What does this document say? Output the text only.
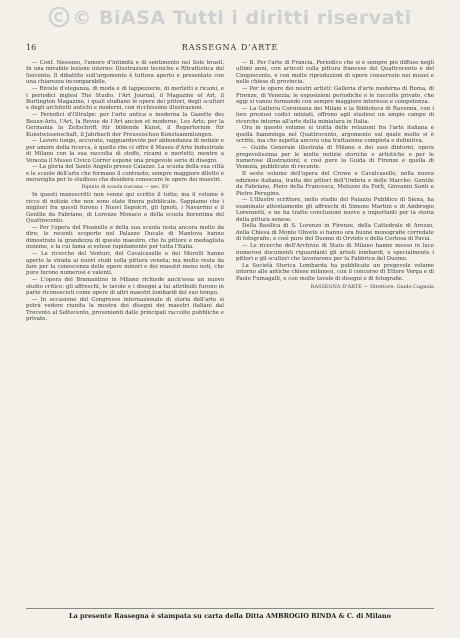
© BiASA Tutti i diritti riservati
16	RASSEGNA D'ARTE

— Conf. Nessuno, l'amore d'intimità e di sentimento nel Sole brasil. In una mirabile lezione intorno: Illustrazioni tecniche e Ritrattistica del Seicento. Il dibattito sull'argomento è tuttora aperto e presentato con una chiarezza incomparabile.

— Riviste d'eleganza, di moda e di tappezzerie, di merletti e ricami, e i periodici inglesi The Studio, l'Art Journal, il Magazine of Art, il Burlington Magazine, i quali studiano le opere dei pittori, degli scultori e degli architetti antichi e moderni, con ricchissime illustrazioni.

— Periodici d'Oltralpe: per l'arte antica e moderna la Gazette des Beaux-Arts, l'Art, la Revue de l'Art ancien et moderne, Les Arts; per la Germania la Zeitschrift für bildende Kunst, il Repertorium für Kunstwissenschaft, il Jahrbuch der Preussischen Kunstsammlungen.

— Lavoro lungo, accurato, ragguardevole per abbondanza di notizie e per amore della ricerca, è quello che ci offre il Museo d'Arte Industriale di Milano con la sua raccolta di stoffe, ricami e merletti; mentre a Venezia il Museo Civico Correr espone una pregevole serie di disegni.

— La gloria del Santo Angelo presso Caiazzo. La scuola della sua città e le scuole dell'arte che formano il contrasto; sempre maggiore diletto e meraviglia per lo studioso che desidera conoscere le opere dei maestri.

Dipinto di scuola toscana — sec. XV

In questi manoscritti non venne qui scritto il tutto; ma il volume è ricco di notizie che non sono state finora pubblicate. Sappiamo che i migliori fra questi furono i Nuovi Sepolcri, gli Ignoti, i Navarrini e il Gentile da Fabriano, di Lorenzo Monaco e della scuola fiorentina del Quattrocento.

— Per l'opera del Pisanello e della sua scuola resta ancora molto da dire; le recenti scoperte nel Palazzo Ducale di Mantova hanno dimostrato la grandezza di questo maestro, che fu pittore e medaglista insieme, e la cui fama si estese rapidamente per tutta l'Italia.

— Le ricerche del Venturi, del Cavalcaselle e del Morelli hanno aperto la strada ai nuovi studi sulla pittura veneta; ma molto resta da fare per la conoscenza delle opere minori e dei maestri meno noti, che pure furono numerosi e valenti.

— L'opera del Bramantino in Milano richiede anch'essa un nuovo studio critico: gli affreschi, le tavole e i disegni a lui attribuiti furono in parte riconosciuti come opere di altri maestri lombardi del suo tempo.

— In occasione del Congresso internazionale di storia dell'arte si potrà vedere riunita la mostra dei disegni dei maestri italiani dal Trecento al Settecento, provenienti dalle principali raccolte pubbliche e private.

— B. Per l'arte di Francia. Periodico che si è sempre più diffuso negli ultimi anni, con articoli sulla pittura francese del Quattrocento e del Cinquecento, e con molte riproduzioni di opere conservate nei musei e nelle chiese di provincia.

— Per le opere dei nostri artisti: Galleria d'arte moderna di Roma, di Firenze, di Venezia; le esposizioni periodiche e le raccolte private, che oggi si vanno formando con sempre maggiore interesse e competenza.

— La Galleria Corsiniana dei Milani e la Biblioteca di Ravenna, con i loro preziosi codici miniati, offrono agli studiosi un ampio campo di ricerche intorno all'arte della miniatura in Italia.

Ora in questo volume si tratta delle relazioni fra l'arte italiana e quella fiamminga nel Quattrocento, argomento sul quale molto si è scritto, ma che aspetta ancora una trattazione completa e definitiva.

— Guida Generale illustrata di Milano e dei suoi dintorni, opera pregevolissima per le molte notizie storiche e artistiche e per le numerose illustrazioni; e così pure la Guida di Firenze e quella di Venezia, pubblicate di recente.

Il sesto volume dell'opera del Crowe e Cavalcaselle, nella nuova edizione italiana, tratta dei pittori dell'Umbria e delle Marche: Gentile da Fabriano, Piero della Francesca, Melozzo da Forlì, Giovanni Santi e Pietro Perugino.

— L'illustre scrittore, nello studio del Palazzo Pubblico di Siena, ha esaminato attentamente gli affreschi di Simone Martini e di Ambrogio Lorenzetti, e ne ha tratto conclusioni nuove e importanti per la storia della pittura senese.

Della Basilica di S. Lorenzo in Firenze, della Cattedrale di Arezzo, della Chiesa di Monte Oliveto si hanno ora buone monografie corredate di fotografie; e così pure del Duomo di Orvieto e della Certosa di Pavia.

— Le ricerche dell'Archivio di Stato di Milano hanno messo in luce numerosi documenti riguardanti gli artisti lombardi, e specialmente i pittori e gli scultori che lavorarono per la Fabbrica del Duomo.

La Società Storica Lombarda ha pubblicato un pregevole volume intorno alle antiche chiese milanesi, con il concorso di Ettore Verga e di Paolo Fumagalli, e con molte tavole di disegni e di fotografie.

RASSEGNA D'ARTE — Direttore: Guido Cagnola
La presente Rassegna è stampata su carta della Ditta AMBROGIO BINDA & C. di Milano
